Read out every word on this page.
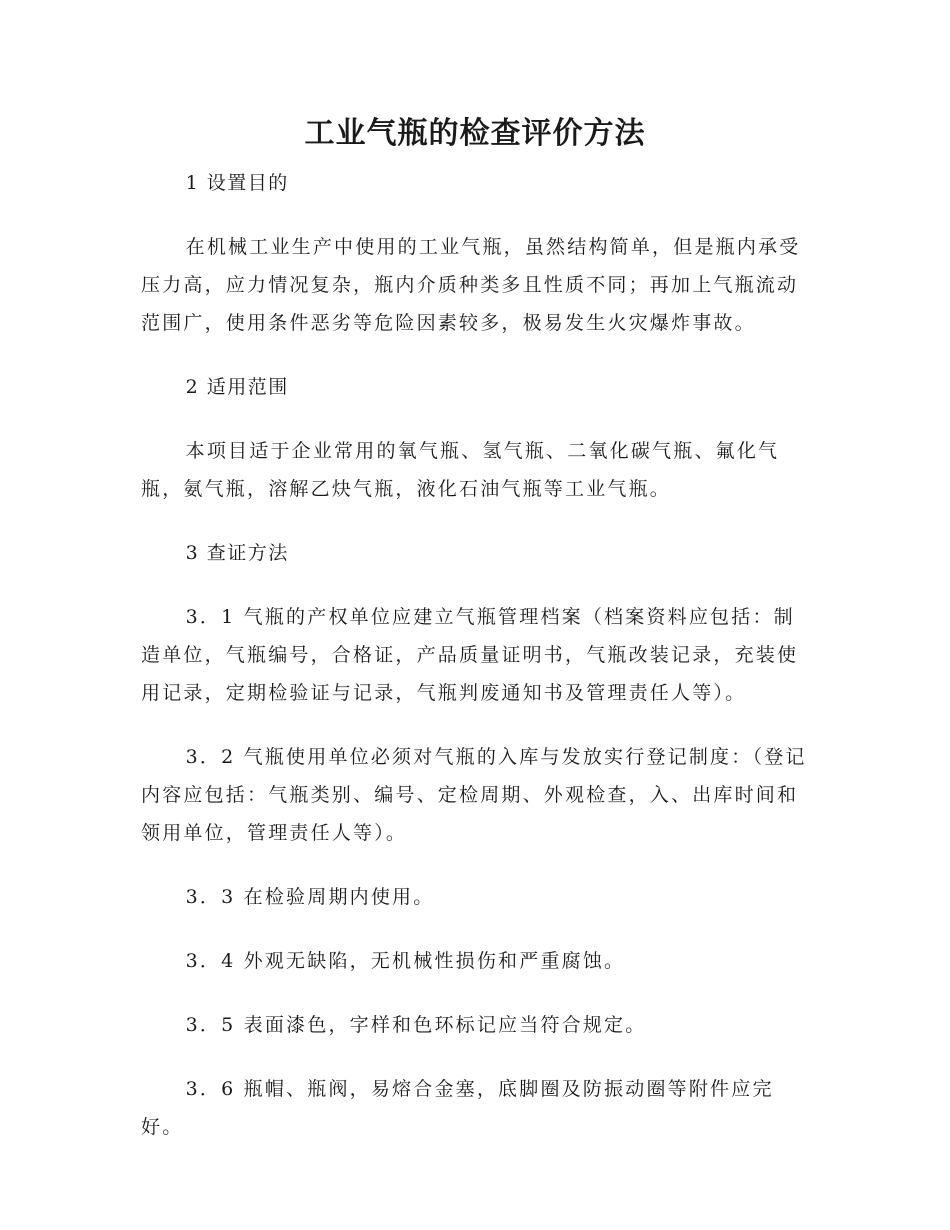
工业气瓶的检查评价方法

1 设置目的

在机械工业生产中使用的工业气瓶，虽然结构简单，但是瓶内承受压力高，应力情况复杂，瓶内介质种类多且性质不同；再加上气瓶流动范围广，使用条件恶劣等危险因素较多，极易发生火灾爆炸事故。

2 适用范围

本项目适于企业常用的氧气瓶、氢气瓶、二氧化碳气瓶、氟化气瓶，氨气瓶，溶解乙炔气瓶，液化石油气瓶等工业气瓶。

3 查证方法

3．1 气瓶的产权单位应建立气瓶管理档案（档案资料应包括：制造单位，气瓶编号，合格证，产品质量证明书，气瓶改装记录，充装使用记录，定期检验证与记录，气瓶判废通知书及管理责任人等）。

3．2 气瓶使用单位必须对气瓶的入库与发放实行登记制度：（登记内容应包括：气瓶类别、编号、定检周期、外观检查，入、出库时间和领用单位，管理责任人等）。

3．3 在检验周期内使用。

3．4 外观无缺陷，无机械性损伤和严重腐蚀。

3．5 表面漆色，字样和色环标记应当符合规定。

3．6 瓶帽、瓶阀，易熔合金塞，底脚圈及防振动圈等附件应完好。
